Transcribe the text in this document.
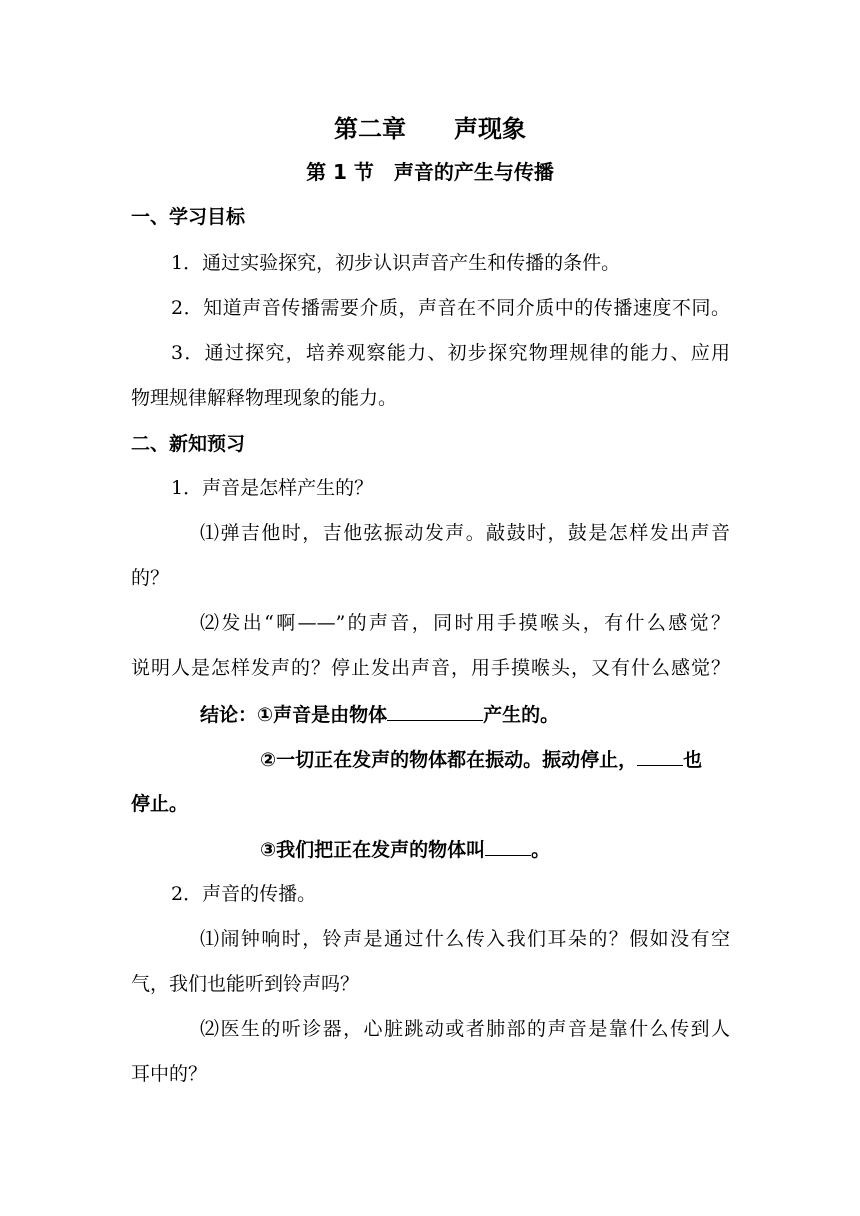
第二章　　声现象
第 1 节　声音的产生与传播
一、学习目标
1．通过实验探究，初步认识声音产生和传播的条件。
2．知道声音传播需要介质，声音在不同介质中的传播速度不同。
3．通过探究，培养观察能力、初步探究物理规律的能力、应用
物理规律解释物理现象的能力。
二、新知预习
1．声音是怎样产生的？
⑴弹吉他时，吉他弦振动发声。敲鼓时，鼓是怎样发出声音
的？
⑵发出“啊——”的声音，同时用手摸喉头，有什么感觉？
说明人是怎样发声的？停止发出声音，用手摸喉头，又有什么感觉？
结论：①声音是由物体	产生的。
②一切正在发声的物体都在振动。振动停止， 也
停止。
③我们把正在发声的物体叫 。
2．声音的传播。
⑴闹钟响时，铃声是通过什么传入我们耳朵的？假如没有空
气，我们也能听到铃声吗？
⑵医生的听诊器，心脏跳动或者肺部的声音是靠什么传到人
耳中的？
